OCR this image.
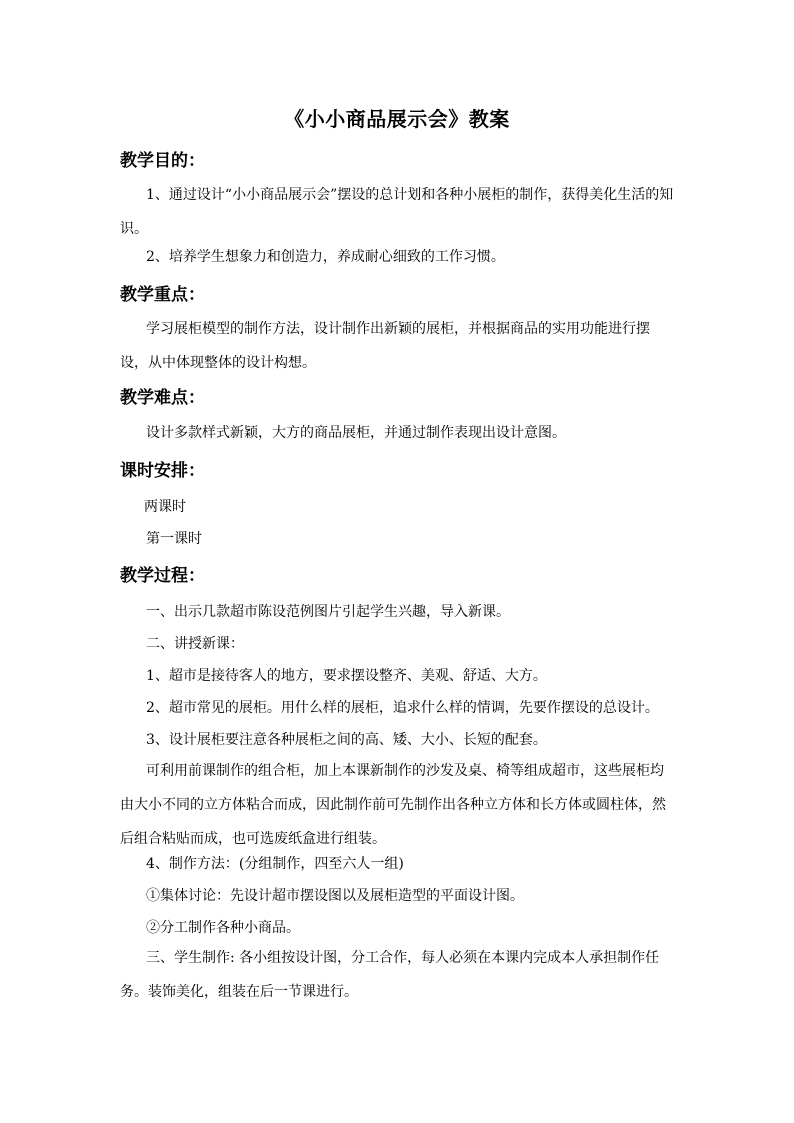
《小小商品展示会》教案
教学目的：
1、通过设计“小小商品展示会”摆设的总计划和各种小展柜的制作，获得美化生活的知识。
2、培养学生想象力和创造力，养成耐心细致的工作习惯。
教学重点：
学习展柜模型的制作方法，设计制作出新颖的展柜，并根据商品的实用功能进行摆设，从中体现整体的设计构想。
教学难点：
设计多款样式新颖，大方的商品展柜，并通过制作表现出设计意图。
课时安排：
两课时
第一课时
教学过程：
一、出示几款超市陈设范例图片引起学生兴趣，导入新课。
二、讲授新课：
1、超市是接待客人的地方，要求摆设整齐、美观、舒适、大方。
2、超市常见的展柜。用什么样的展柜，追求什么样的情调，先要作摆设的总设计。
3、设计展柜要注意各种展柜之间的高、矮、大小、长短的配套。
可利用前课制作的组合柜，加上本课新制作的沙发及桌、椅等组成超市，这些展柜均由大小不同的立方体粘合而成，因此制作前可先制作出各种立方体和长方体或圆柱体，然后组合粘贴而成，也可选废纸盒进行组装。
4、制作方法：(分组制作，四至六人一组)
①集体讨论：先设计超市摆设图以及展柜造型的平面设计图。
②分工制作各种小商品。
三、学生制作: 各小组按设计图，分工合作，每人必须在本课内完成本人承担制作任务。装饰美化，组装在后一节课进行。
